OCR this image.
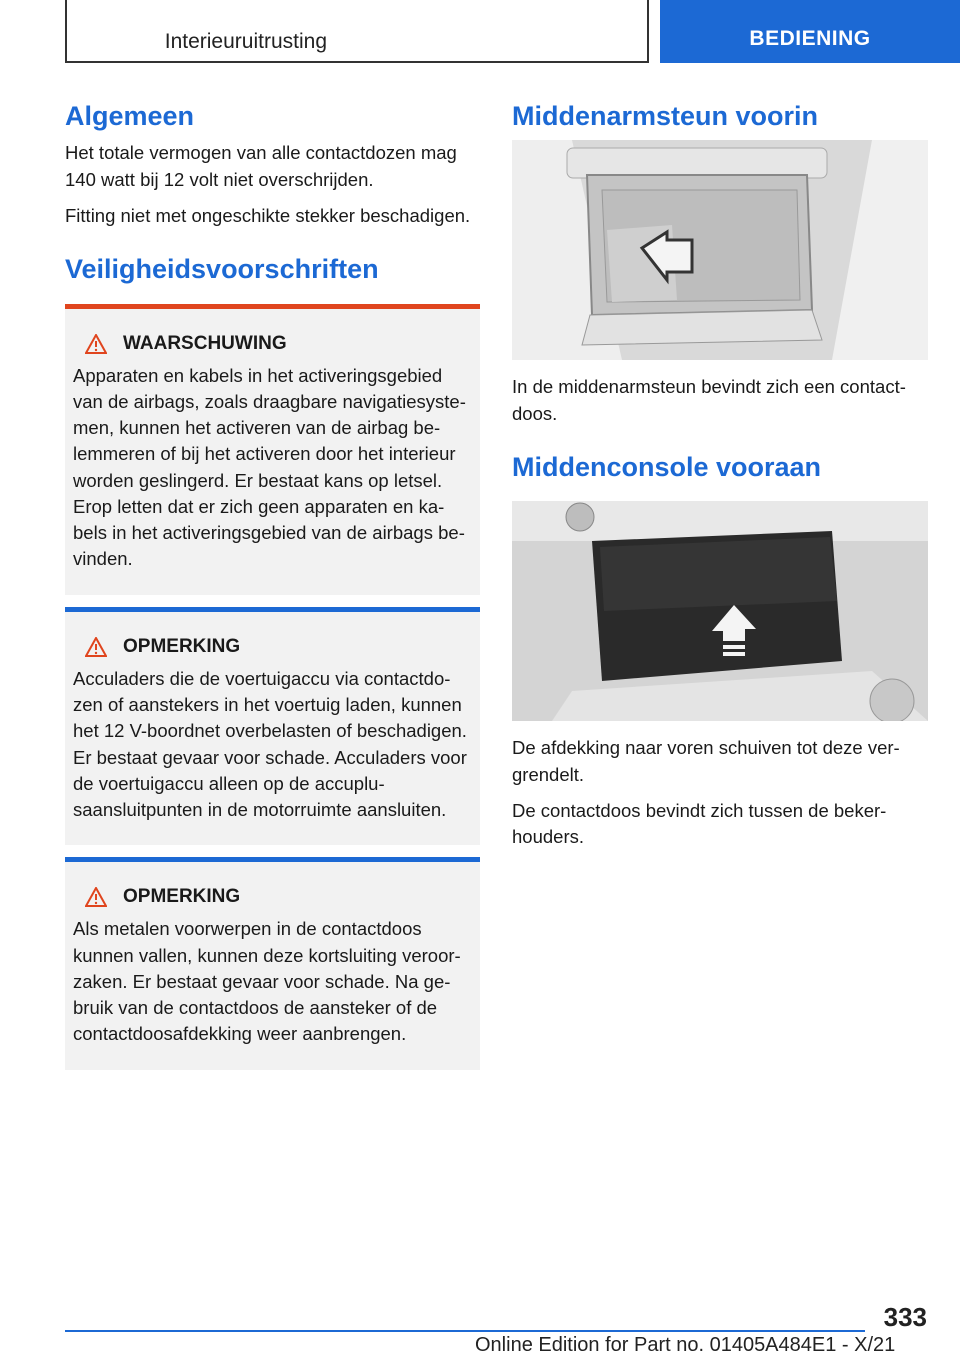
Interieuruitrusting	BEDIENING
Algemeen

Het totale vermogen van alle contactdozen mag 140 watt bij 12 volt niet overschrijden.

Fitting niet met ongeschikte stekker beschadigen.

Veiligheidsvoorschriften
WAARSCHUWING

Apparaten en kabels in het activeringsgebied van de airbags, zoals draagbare navigatiesystemen, kunnen het activeren van de airbag belemmeren of bij het activeren door het interieur worden geslingerd. Er bestaat kans op letsel. Erop letten dat er zich geen apparaten en kabels in het activeringsgebied van de airbags bevinden.

OPMERKING

Acculaders die de voertuigaccu via contactdozen of aanstekers in het voertuig laden, kunnen het 12 V-boordnet overbelasten of beschadigen. Er bestaat gevaar voor schade. Acculaders voor de voertuigaccu alleen op de accuplusaansluitpunten in de motorruimte aansluiten.

OPMERKING

Als metalen voorwerpen in de contactdoos kunnen vallen, kunnen deze kortsluiting veroorzaken. Er bestaat gevaar voor schade. Na gebruik van de contactdoos de aansteker of de contactdoosafdekking weer aanbrengen.

Middenarmsteun voorin

In de middenarmsteun bevindt zich een contactdoos.

Middenconsole vooraan

De afdekking naar voren schuiven tot deze vergrendelt.

De contactdoos bevindt zich tussen de bekerhouders.

333
Online Edition for Part no. 01405A484E1 - X/21
